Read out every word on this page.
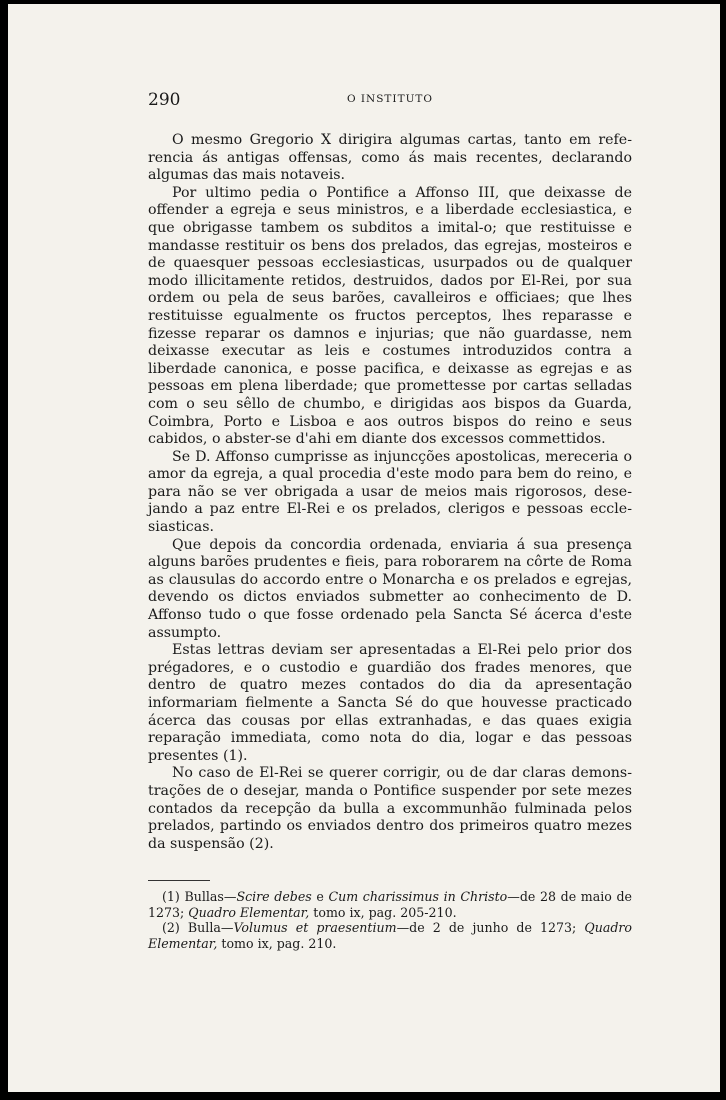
290	O INSTITUTO

O mesmo Gregorio X dirigira algumas cartas, tanto em referencia ás antigas offensas, como ás mais recentes, declarando algumas das mais notaveis.

Por ultimo pedia o Pontifice a Affonso III, que deixasse de offender a egreja e seus ministros, e a liberdade ecclesiastica, e que obrigasse tambem os subditos a imital-o; que restituisse e mandasse restituir os bens dos prelados, das egrejas, mosteiros e de quaesquer pessoas ecclesiasticas, usurpados ou de qualquer modo illicitamente retidos, destruidos, dados por El-Rei, por sua ordem ou pela de seus barões, cavalleiros e officiaes; que lhes restituisse egualmente os fructos perceptos, lhes reparasse e fizesse reparar os damnos e injurias; que não guardasse, nem deixasse executar as leis e costumes introduzidos contra a liberdade canonica, e posse pacifica, e deixasse as egrejas e as pessoas em plena liberdade; que promettesse por cartas selladas com o seu sêllo de chumbo, e dirigidas aos bispos da Guarda, Coimbra, Porto e Lisboa e aos outros bispos do reino e seus cabidos, o abster-se d'ahi em diante dos excessos commettidos.

Se D. Affonso cumprisse as injuncções apostolicas, mereceria o amor da egreja, a qual procedia d'este modo para bem do reino, e para não se ver obrigada a usar de meios mais rigorosos, desejando a paz entre El-Rei e os prelados, clerigos e pessoas ecclesiasticas.

Que depois da concordia ordenada, enviaria á sua presença alguns barões prudentes e fieis, para roborarem na côrte de Roma as clausulas do accordo entre o Monarcha e os prelados e egrejas, devendo os dictos enviados submetter ao conhecimento de D. Affonso tudo o que fosse ordenado pela Sancta Sé ácerca d'este assumpto.

Estas lettras deviam ser apresentadas a El-Rei pelo prior dos prégadores, e o custodio e guardião dos frades menores, que dentro de quatro mezes contados do dia da apresentação informariam fielmente a Sancta Sé do que houvesse practicado ácerca das cousas por ellas extranhadas, e das quaes exigia reparação immediata, como nota do dia, logar e das pessoas presentes (1).

No caso de El-Rei se querer corrigir, ou de dar claras demonstrações de o desejar, manda o Pontifice suspender por sete mezes contados da recepção da bulla a excommunhão fulminada pelos prelados, partindo os enviados dentro dos primeiros quatro mezes da suspensão (2).

(1) Bullas—Scire debes e Cum charissimus in Christo—de 28 de maio de 1273; Quadro Elementar, tomo ix, pag. 205-210.

(2) Bulla—Volumus et praesentium—de 2 de junho de 1273; Quadro Elementar, tomo ix, pag. 210.
